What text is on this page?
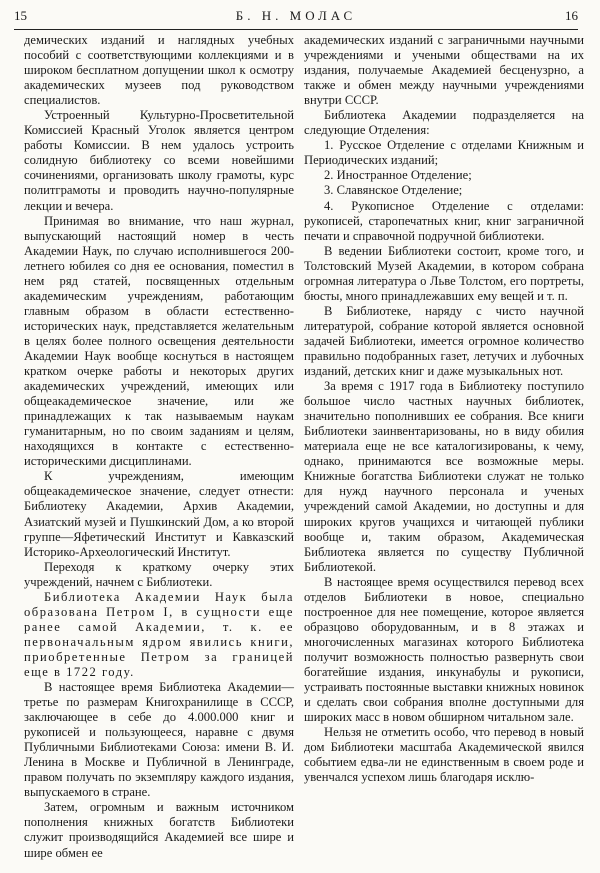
15	Б. Н. МОЛАС	16

демических изданий и наглядных учебных пособий с соответствующими коллекциями и в широком бесплатном допущении школ к осмотру академических музеев под руководством специалистов.

Устроенный Культурно-Просветительной Комиссией Красный Уголок является центром работы Комиссии. В нем удалось устроить солидную библиотеку со всеми новейшими сочинениями, организовать школу грамоты, курс политграмоты и проводить научно-популярные лекции и вечера.

Принимая во внимание, что наш журнал, выпускающий настоящий номер в честь Академии Наук, по случаю исполнившегося 200-летнего юбилея со дня ее основания, поместил в нем ряд статей, посвященных отдельным академическим учреждениям, работающим главным образом в области естественно-исторических наук, представляется желательным в целях более полного освещения деятельности Академии Наук вообще коснуться в настоящем кратком очерке работы и некоторых других академических учреждений, имеющих или общеакадемическое значение, или же принадлежащих к так называемым наукам гуманитарным, но по своим заданиям и целям, находящихся в контакте с естественно-историческими дисциплинами.

К учреждениям, имеющим общеакадемическое значение, следует отнести: Библиотеку Академии, Архив Академии, Азиатский музей и Пушкинский Дом, а ко второй группе—Яфетический Институт и Кавказский Историко-Археологический Институт.

Переходя к краткому очерку этих учреждений, начнем с Библиотеки.

Библиотека Академии Наук была образована Петром I, в сущности еще ранее самой Академии, т. к. ее первоначальным ядром явились книги, приобретенные Петром за границей еще в 1722 году.

В настоящее время Библиотека Академии—третье по размерам Книгохранилище в СССР, заключающее в себе до 4.000.000 книг и рукописей и пользующееся, наравне с двумя Публичными Библиотеками Союза: имени В. И. Ленина в Москве и Публичной в Ленинграде, правом получать по экземпляру каждого издания, выпускаемого в стране.

Затем, огромным и важным источником пополнения книжных богатств Библиотеки служит производящийся Академией все шире и шире обмен ее

академических изданий с заграничными научными учреждениями и учеными обществами на их издания, получаемые Академией бесценузрно, а также и обмен между научными учреждениями внутри СССР.

Библиотека Академии подразделяется на следующие Отделения:

1. Русское Отделение с отделами Книжным и Периодических изданий;

2. Иностранное Отделение;

3. Славянское Отделение;

4. Рукописное Отделение с отделами: рукописей, старопечатных книг, книг заграничной печати и справочной подручной библиотеки.

В ведении Библиотеки состоит, кроме того, и Толстовский Музей Академии, в котором собрана огромная литература о Льве Толстом, его портреты, бюсты, много принадлежавших ему вещей и т. п.

В Библиотеке, наряду с чисто научной литературой, собрание которой является основной задачей Библиотеки, имеется огромное количество правильно подобранных газет, летучих и лубочных изданий, детских книг и даже музыкальных нот.

За время с 1917 года в Библиотеку поступило большое число частных научных библиотек, значительно пополнивших ее собрания. Все книги Библиотеки заинвентаризованы, но в виду обилия материала еще не все каталогизированы, к чему, однако, принимаются все возможные меры. Книжные богатства Библиотеки служат не только для нужд научного персонала и ученых учреждений самой Академии, но доступны и для широких кругов учащихся и читающей публики вообще и, таким образом, Академическая Библиотека является по существу Публичной Библиотекой.

В настоящее время осуществился перевод всех отделов Библиотеки в новое, специально построенное для нее помещение, которое является образцово оборудованным, и в 8 этажах и многочисленных магазинах которого Библиотека получит возможность полностью развернуть свои богатейшие издания, инкунабулы и рукописи, устраивать постоянные выставки книжных новинок и сделать свои собрания вполне доступными для широких масс в новом обширном читальном зале.

Нельзя не отметить особо, что перевод в новый дом Библиотеки масштаба Академической явился событием едва-ли не единственным в своем роде и увенчался успехом лишь благодаря исклю-
